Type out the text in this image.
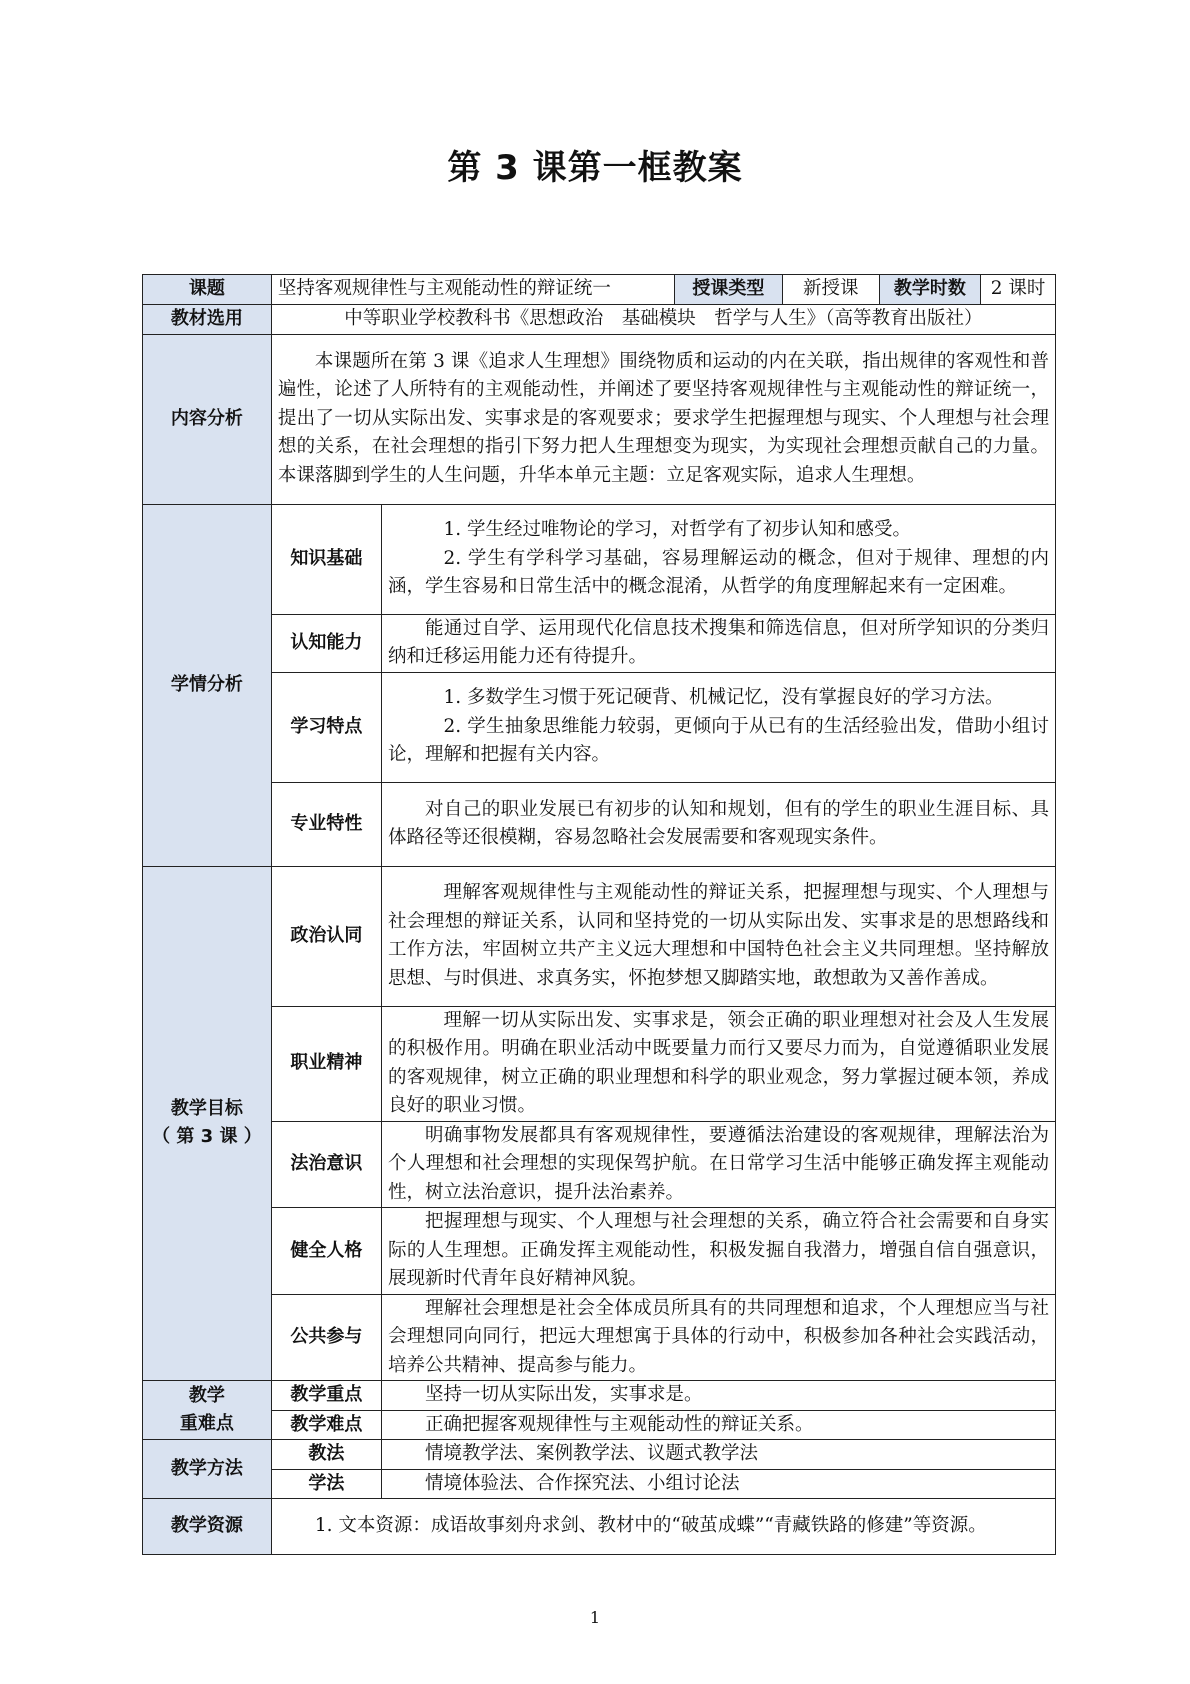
第 3 课第一框教案
课题	坚持客观规律性与主观能动性的辩证统一		授课类型	新授课	教学时数	2 课时
教材选用	中等职业学校教科书《思想政治　基础模块　哲学与人生》（高等教育出版社）					
内容分析	本课题所在第 3 课《追求人生理想》围绕物质和运动的内在关联，指出规律的客观性和普遍性，论述了人所特有的主观能动性，并阐述了要坚持客观规律性与主观能动性的辩证统一，提出了一切从实际出发、实事求是的客观要求；要求学生把握理想与现实、个人理想与社会理想的关系，在社会理想的指引下努力把人生理想变为现实，为实现社会理想贡献自己的力量。本课落脚到学生的人生问题，升华本单元主题：立足客观实际，追求人生理想。					
学情分析	知识基础	1. 学生经过唯物论的学习，对哲学有了初步认知和感受。

2. 学生有学科学习基础，容易理解运动的概念，但对于规律、理想的内涵，学生容易和日常生活中的概念混淆，从哲学的角度理解起来有一定困难。				

	认知能力	能通过自学、运用现代化信息技术搜集和筛选信息，但对所学知识的分类归纳和迁移运用能力还有待提升。				
	学习特点	1. 多数学生习惯于死记硬背、机械记忆，没有掌握良好的学习方法。

2. 学生抽象思维能力较弱，更倾向于从已有的生活经验出发，借助小组讨论，理解和把握有关内容。				

	专业特性	对自己的职业发展已有初步的认知和规划，但有的学生的职业生涯目标、具体路径等还很模糊，容易忽略社会发展需要和客观现实条件。				

教学目标
（ 第 3 课 ）	政治认同	理解客观规律性与主观能动性的辩证关系，把握理想与现实、个人理想与社会理想的辩证关系，认同和坚持党的一切从实际出发、实事求是的思想路线和工作方法，牢固树立共产主义远大理想和中国特色社会主义共同理想。坚持解放思想、与时俱进、求真务实，怀抱梦想又脚踏实地，敢想敢为又善作善成。				
	职业精神	理解一切从实际出发、实事求是，领会正确的职业理想对社会及人生发展的积极作用。明确在职业活动中既要量力而行又要尽力而为，自觉遵循职业发展的客观规律，树立正确的职业理想和科学的职业观念，努力掌握过硬本领，养成良好的职业习惯。				
	法治意识	明确事物发展都具有客观规律性，要遵循法治建设的客观规律，理解法治为个人理想和社会理想的实现保驾护航。在日常学习生活中能够正确发挥主观能动性，树立法治意识，提升法治素养。				
	健全人格	把握理想与现实、个人理想与社会理想的关系，确立符合社会需要和自身实际的人生理想。正确发挥主观能动性，积极发掘自我潜力，增强自信自强意识，展现新时代青年良好精神风貌。				
	公共参与	理解社会理想是社会全体成员所具有的共同理想和追求，个人理想应当与社会理想同向同行，把远大理想寓于具体的行动中，积极参加各种社会实践活动，培养公共精神、提高参与能力。				

教学
重难点	教学重点	坚持一切从实际出发，实事求是。				
	教学难点	正确把握客观规律性与主观能动性的辩证关系。				
教学方法	教法	情境教学法、案例教学法、议题式教学法				
	学法	情境体验法、合作探究法、小组讨论法				
教学资源	1. 文本资源：成语故事刻舟求剑、教材中的“破茧成蝶”“青藏铁路的修建”等资源。					
1
